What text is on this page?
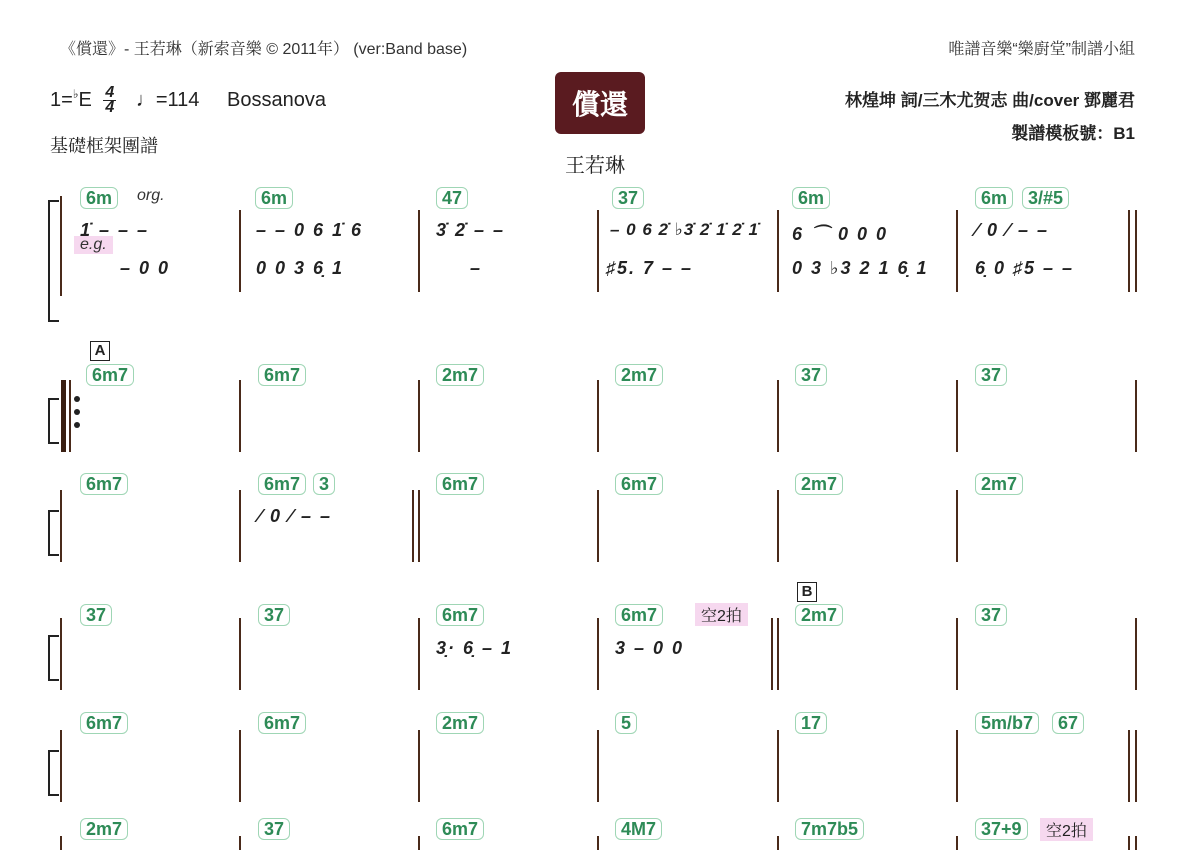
《償還》- 王若琳（新索音樂 © 2011年） (ver:Band base)	唯譜音樂“樂廚堂”制譜小組
$1=^♭E \frac{4}{4}$ ♩=114 Bossanova
基礎框架團譜
償還
王若琳
林煌坤 詞/三木尤贺志 曲/cover 鄧麗君
製譜模板號：B1
6m	org.
e.g.
1̇ – – –
– 0 0
6m
– – 0 6 1̇ 6
0 0 3 6̣ 1
47
3̇ 2̇ – –
–
37
– 0 6 2̇ ♭3̇ 2̇ 1̇ 2̇ 1̇
♯5. 7 – –
6m
6 ⌒ 0 0 0
0 3 ♭3 2 1 6̣ 1
6m	3/#5
⁄ 0 ⁄ – –
6̣ 0 ♯5 – –
A
6m7	6m7	2m7	2m7	37	37
6m7	6m7	3
⁄ 0 ⁄ – –
6m7	6m7	2m7	2m7
37	37	6m7
3̣· 6̣ – 1
6m7	空2拍
3 – 0 0
B
2m7	37
6m7	6m7	2m7	5	17	5m/b7	67
2m7	37	6m7	4M7	7m7b5	37+9	空2拍
